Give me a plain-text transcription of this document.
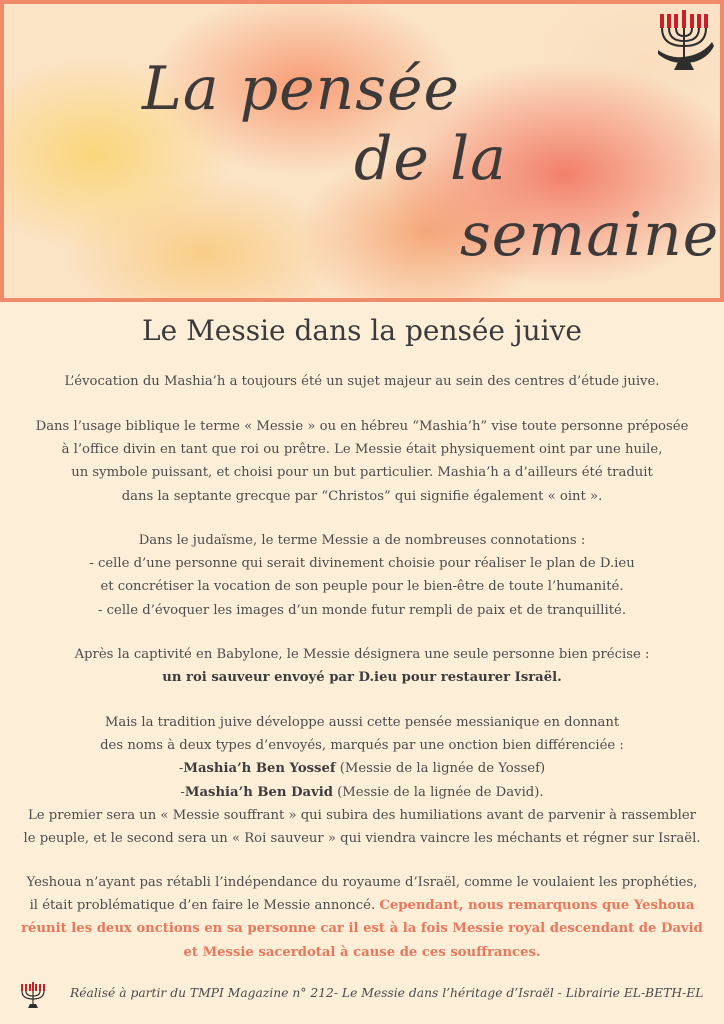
La pensée
de la
semaine
Le Messie dans la pensée juive
L’évocation du Mashia’h a toujours été un sujet majeur au sein des centres d’étude juive.
Dans l’usage biblique le terme « Messie » ou en hébreu “Mashia’h” vise toute personne préposée
à l’office divin en tant que roi ou prêtre. Le Messie était physiquement oint par une huile,
un symbole puissant, et choisi pour un but particulier. Mashia’h a d’ailleurs été traduit
dans la septante grecque par “Christos” qui signifie également « oint ».
Dans le judaïsme, le terme Messie a de nombreuses connotations :
- celle d’une personne qui serait divinement choisie pour réaliser le plan de D.ieu
et concrétiser la vocation de son peuple pour le bien-être de toute l’humanité.
- celle d’évoquer les images d’un monde futur rempli de paix et de tranquillité.
Après la captivité en Babylone, le Messie désignera une seule personne bien précise :
un roi sauveur envoyé par D.ieu pour restaurer Israël.
Mais la tradition juive développe aussi cette pensée messianique en donnant
des noms à deux types d’envoyés, marqués par une onction bien différenciée :
-Mashia’h Ben Yossef (Messie de la lignée de Yossef)
-Mashia’h Ben David (Messie de la lignée de David).
Le premier sera un « Messie souffrant » qui subira des humiliations avant de parvenir à rassembler
le peuple, et le second sera un « Roi sauveur » qui viendra vaincre les méchants et régner sur Israël.
Yeshoua n’ayant pas rétabli l’indépendance du royaume d’Israël, comme le voulaient les prophéties,
il était problématique d’en faire le Messie annoncé. Cependant, nous remarquons que Yeshoua
réunit les deux onctions en sa personne car il est à la fois Messie royal descendant de David
et Messie sacerdotal à cause de ces souffrances.

Réalisé à partir du TMPI Magazine n° 212- Le Messie dans l’héritage d’Israël - Librairie EL-BETH-EL
